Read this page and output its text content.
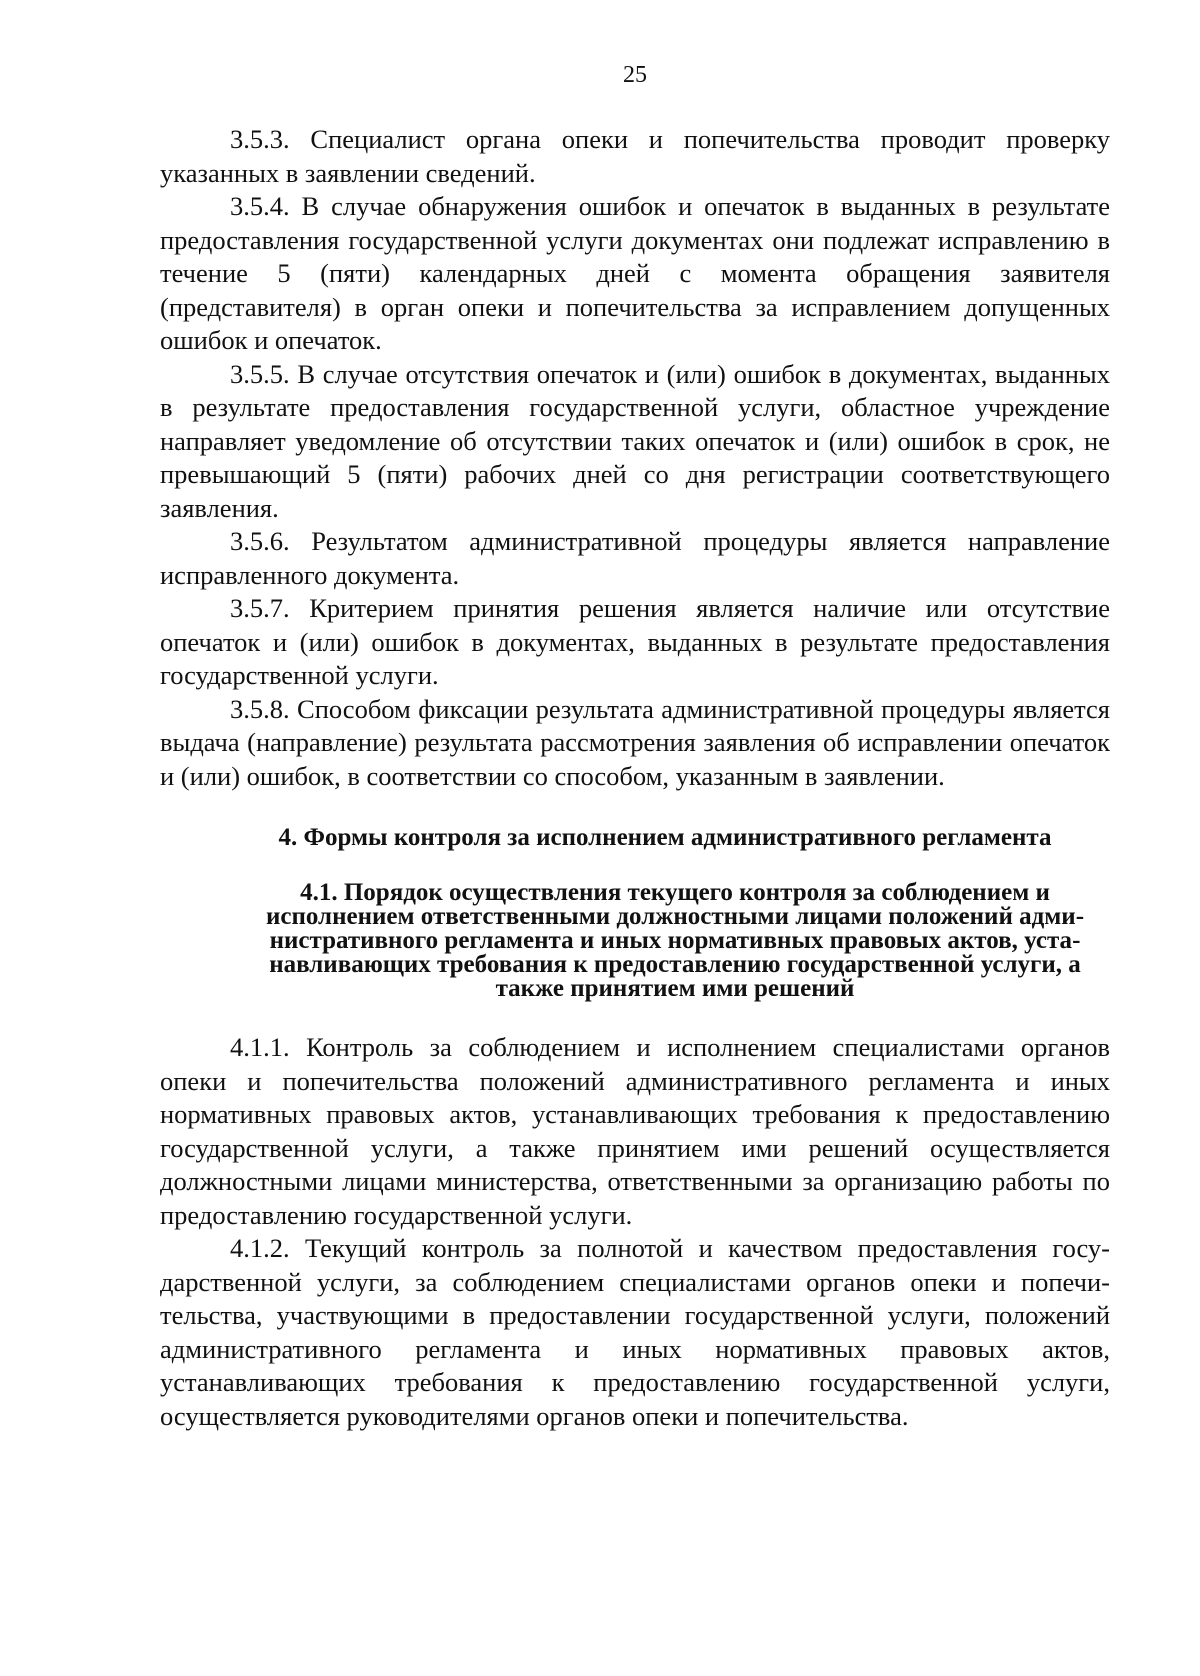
25

3.5.3. Специалист органа опеки и попечительства проводит проверку указанных в заявлении сведений.

3.5.4. В случае обнаружения ошибок и опечаток в выданных в результате предоставления государственной услуги документах они подлежат исправлению в течение 5 (пяти) календарных дней с момента обращения заявителя (представителя) в орган опеки и попечительства за исправлением допущенных ошибок и опечаток.

3.5.5. В случае отсутствия опечаток и (или) ошибок в документах, выданных в результате предоставления государственной услуги, областное учреждение направляет уведомление об отсутствии таких опечаток и (или) ошибок в срок, не превышающий 5 (пяти) рабочих дней со дня регистрации соответствующего заявления.

3.5.6. Результатом административной процедуры является направление исправленного документа.

3.5.7. Критерием принятия решения является наличие или отсутствие опечаток и (или) ошибок в документах, выданных в результате предоставления государственной услуги.

3.5.8. Способом фиксации результата административной процедуры является выдача (направление) результата рассмотрения заявления об исправлении опечаток и (или) ошибок, в соответствии со способом, указанным в заявлении.

4. Формы контроля за исполнением административного регламента
4.1. Порядок осуществления текущего контроля за соблюдением и исполнением ответственными должностными лицами положений административного регламента и иных нормативных правовых актов, устанавливающих требования к предоставлению государственной услуги, а также принятием ими решений

4.1.1. Контроль за соблюдением и исполнением специалистами органов опеки и попечительства положений административного регламента и иных нормативных правовых актов, устанавливающих требования к предоставлению государственной услуги, а также принятием ими решений осуществляется должностными лицами министерства, ответственными за организацию работы по предоставлению государственной услуги.

4.1.2. Текущий контроль за полнотой и качеством предоставления государственной услуги, за соблюдением специалистами органов опеки и попечительства, участвующими в предоставлении государственной услуги, положений административного регламента и иных нормативных правовых актов, устанавливающих требования к предоставлению государственной услуги, осуществляется руководителями органов опеки и попечительства.
